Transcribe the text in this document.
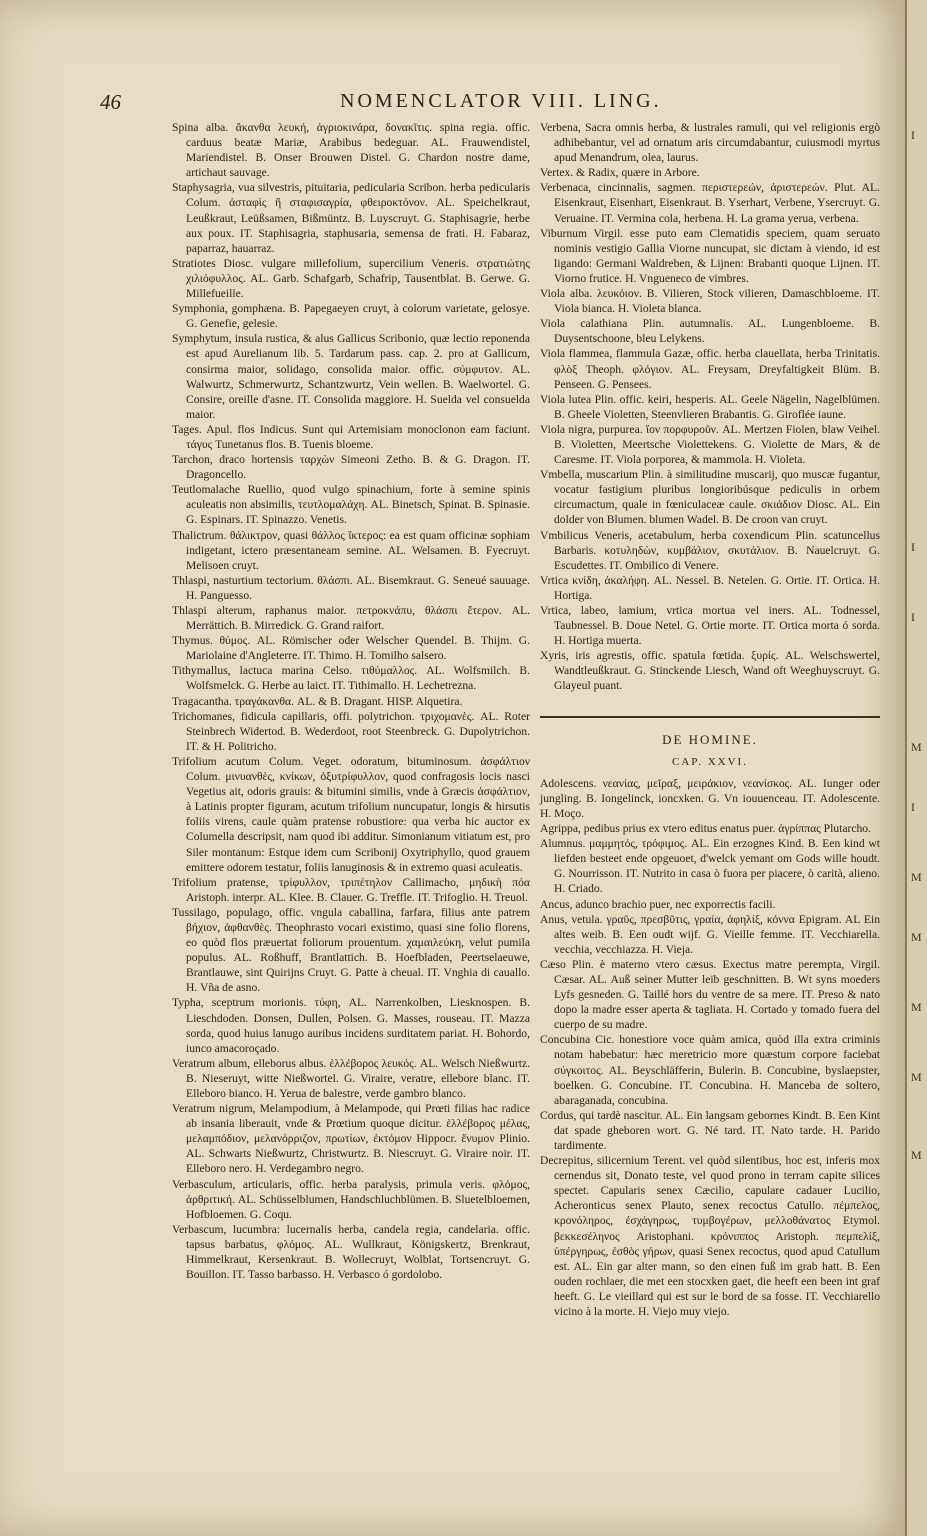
46	NOMENCLATOR VIII. LING.

Spina alba. ἄκανθα λευκή, ἀγριοκινάρα, δονακῖτις. spina regia. offic. carduus beatæ Mariæ, Arabibus bedeguar. AL. Frauwendistel, Mariendistel. B. Onser Brouwen Distel. G. Chardon nostre dame, artichaut sauvage.

Staphysagria, vua silvestris, pituitaria, pedicularia Scribon. herba pedicularis Colum. ἀσταφὶς ἢ σταφισαγρία, φθειροκτόνον. AL. Speichelkraut, Leußkraut, Leüßsamen, Bißmüntz. B. Luyscruyt. G. Staphisagrie, herbe aux poux. IT. Staphisagria, staphusaria, semensa de frati. H. Fabaraz, paparraz, hauarraz.

Stratiotes Diosc. vulgare millefolium, supercilium Veneris. στρατιώτης χιλιόφυλλος. AL. Garb. Schafgarb, Schafrip, Tausentblat. B. Gerwe. G. Millefueille.

Symphonia, gomphæna. B. Papegaeyen cruyt, à colorum varietate, gelosye. G. Genefie, gelesie.

Symphytum, insula rustica, & alus Gallicus Scribonio, quæ lectio reponenda est apud Aurelianum lib. 5. Tardarum pass. cap. 2. pro at Gallicum, consirma maior, solidago, consolida maior. offic. σύμφυτον. AL. Walwurtz, Schmerwurtz, Schantzwurtz, Vein wellen. B. Waelwortel. G. Consire, oreille d'asne. IT. Consolida maggiore. H. Suelda vel consuelda maior.

Tages. Apul. flos Indicus. Sunt qui Artemisiam monoclonon eam faciunt. τάγυς Tunetanus flos. B. Tuenis bloeme.

Tarchon, draco hortensis ταρχὼν Simeoni Zetho. B. & G. Dragon. IT. Dragoncello.

Teutlomalache Ruellio, quod vulgo spinachium, forte à semine spinis aculeatis non absimilis, τευτλομαλάχη. AL. Binetsch, Spinat. B. Spinasie. G. Espinars. IT. Spinazzo. Venetis.

Thalictrum. θάλικτρον, quasi θάλλος ἴκτερος: ea est quam officinæ sophiam indigetant, ictero præsentaneam semine. AL. Welsamen. B. Fyecruyt. Melisoen cruyt.

Thlaspi, nasturtium tectorium. θλάσπι. AL. Bisemkraut. G. Seneué sauuage. H. Panguesso.

Thlaspi alterum, raphanus maior. πετροκνάπυ, θλάσπι ἕτερον. AL. Merrättich. B. Mirredick. G. Grand raifort.

Thymus. θύμος. AL. Römischer oder Welscher Quendel. B. Thijm. G. Mariolaine d'Angleterre. IT. Thimo. H. Tomilho salsero.

Tithymallus, lactuca marina Celso. τιθύμαλλος. AL. Wolfsmilch. B. Wolfsmelck. G. Herbe au laict. IT. Tithimallo. H. Lechetrezna.

Tragacantha. τραγάκανθα. AL. & B. Dragant. HISP. Alquetira.

Trichomanes, fidicula capillaris, offi. polytrichon. τριχομανὲς. AL. Roter Steinbrech Widertod. B. Wederdoot, root Steenbreck. G. Dupolytrichon. IT. & H. Politricho.

Trifolium acutum Colum. Veget. odoratum, bituminosum. ἀσφάλτιον Colum. μινυανθὲς, κνίκων, ὀξυτρίφυλλον, quod confragosis locis nasci Vegetius ait, odoris grauis: & bitumini similis, vnde à Græcis ἀσφάλτιον, à Latinis propter figuram, acutum trifolium nuncupatur, longis & hirsutis foliis virens, caule quàm pratense robustiore: qua verba hic auctor ex Columella descripsit, nam quod ibi additur. Simonianum vitiatum est, pro Siler montanum: Estque idem cum Scribonij Oxytriphyllo, quod grauem emittere odorem testatur, foliis lanuginosis & in extremo quasi aculeatis.

Trifolium pratense, τρίφυλλον, τριπέτηλον Callimacho, μηδικὴ πόα Aristoph. interpr. AL. Klee. B. Clauer. G. Treffle. IT. Trifoglio. H. Treuol.

Tussilago, populago, offic. vngula caballina, farfara, filius ante patrem βήχιον, ἀφθανθὲς. Theophrasto vocari existimo, quasi sine folio florens, eo quòd flos præuertat foliorum prouentum. χαμαιλεύκη, velut pumila populus. AL. Roßhuff, Brantlattich. B. Hoefbladen, Peertselaeuwe, Brantlauwe, sint Quirijns Cruyt. G. Patte à cheual. IT. Vnghia di cauallo. H. Vña de asno.

Typha, sceptrum morionis. τύφη, AL. Narrenkolben, Liesknospen. B. Lieschdoden. Donsen, Dullen, Polsen. G. Masses, rouseau. IT. Mazza sorda, quod huius lanugo auribus incidens surditatem pariat. H. Bohordo, iunco amacoroçado.

Veratrum album, elleborus albus. ἑλλέβορος λευκός. AL. Welsch Nießwurtz. B. Nieseruyt, witte Nießwortel. G. Viraire, veratre, ellebore blanc. IT. Elleboro bianco. H. Yerua de balestre, verde gambro blanco.

Veratrum nigrum, Melampodium, à Melampode, qui Prœti filias hac radice ab insania liberauit, vnde & Prœtium quoque dicitur. ἑλλέβορος μέλας, μελαμπόδιον, μελανόρριζον, πρωτίων, ἐκτόμον Hippocr. ἔνυμον Plinio. AL. Schwarts Nießwurtz, Christwurtz. B. Niescruyt. G. Viraire noir. IT. Elleboro nero. H. Verdegambro negro.

Verbasculum, articularis, offic. herba paralysis, primula veris. φλόμος, ἀρθριτική. AL. Schüsselblumen, Handschluchblümen. B. Sluetelbloemen, Hofbloemen. G. Coqu.

Verbascum, lucumbra: lucernalis herba, candela regia, candelaria. offic. tapsus barbatus, φλόμος. AL. Wullkraut, Königskertz, Brenkraut, Himmelkraut, Kersenkraut. B. Wollecruyt, Wolblat, Tortsencruyt. G. Bouillon. IT. Tasso barbasso. H. Verbasco ó gordolobo.

Verbena, Sacra omnis herba, & lustrales ramuli, qui vel religionis ergò adhibebantur, vel ad ornatum aris circumdabantur, cuiusmodi myrtus apud Menandrum, olea, laurus.

Vertex. & Radix, quære in Arbore.

Verbenaca, cincinnalis, sagmen. περιστερεών, ἀριστερεών. Plut. AL. Eisenkraut, Eisenhart, Eisenkraut. B. Yserhart, Verbene, Ysercruyt. G. Veruaine. IT. Vermina cola, herbena. H. La grama yerua, verbena.

Viburnum Virgil. esse puto eam Clematidis speciem, quam seruato nominis vestigio Gallia Viorne nuncupat, sic dictam à viendo, id est ligando: Germani Waldreben, & Lijnen: Brabanti quoque Lijnen. IT. Viorno frutice. H. Vngueneco de vimbres.

Viola alba. λευκόιον. B. Vilieren, Stock vilieren, Damaschbloeme. IT. Viola bianca. H. Violeta blanca.

Viola calathiana Plin. autumnalis. AL. Lungenbloeme. B. Duysentschoone, bleu Lelykens.

Viola flammea, flammula Gazæ, offic. herba clauellata, herba Trinitatis. φλὸξ Theoph. φλόγιον. AL. Freysam, Dreyfaltigkeit Blüm. B. Penseen. G. Pensees.

Viola lutea Plin. offic. keiri, hesperis. AL. Geele Nägelin, Nagelblümen. B. Gheele Violetten, Steenvlieren Brabantis. G. Giroflée iaune.

Viola nigra, purpurea. ἴον πορφυροῦν. AL. Mertzen Fiolen, blaw Veihel. B. Violetten, Meertsche Violettekens. G. Violette de Mars, & de Caresme. IT. Viola porporea, & mammola. H. Violeta.

Vmbella, muscarium Plin. à similitudine muscarij, quo muscæ fugantur, vocatur fastigium pluribus longioribúsque pediculis in orbem circumactum, quale in fœniculaceæ caule. σκιάδιον Diosc. AL. Ein dolder von Blumen. blumen Wadel. B. De croon van cruyt.

Vmbilicus Veneris, acetabulum, herba coxendicum Plin. scatuncellus Barbaris. κοτυληδὼν, κυμβάλιον, σκυτάλιον. B. Nauelcruyt. G. Escudettes. IT. Ombilico di Venere.

Vrtica κνίδη, ἀκαλήφη. AL. Nessel. B. Netelen. G. Ortie. IT. Ortica. H. Hortiga.

Vrtica, labeo, lamium, vrtica mortua vel iners. AL. Todnessel, Taubnessel. B. Doue Netel. G. Ortie morte. IT. Ortica morta ó sorda. H. Hortiga muerta.

Xyris, iris agrestis, offic. spatula fœtida. ξυρίς. AL. Welschswertel, Wandtleußkraut. G. Stinckende Liesch, Wand oft Weeghuyscruyt. G. Glayeul puant.

DE HOMINE.

CAP. XXVI.

Adolescens. νεανίας, μεῖραξ, μειράκιον, νεανίσκος. AL. Iunger oder jungling. B. Iongelinck, ioncxken. G. Vn iouuenceau. IT. Adolescente. H. Moço.

Agrippa, pedibus prius ex vtero editus enatus puer. ἀγρίππας Plutarcho.

Alumnus. μαμμητός, τρόφιμος. AL. Ein erzognes Kind. B. Een kind wt liefden besteet ende opgeuoet, d'welck yemant om Gods wille houdt. G. Nourrisson. IT. Nutrito in casa ò fuora per piacere, ò carità, alieno. H. Criado.

Ancus, adunco brachio puer, nec exporrectis facili.

Anus, vetula. γραῦς, πρεσβῦτις, γραία, ἀφηλίξ, κόννα Epigram. AL Ein altes weib. B. Een oudt wijf. G. Vieille femme. IT. Vecchiarella. vecchia, vecchiazza. H. Vieja.

Cæso Plin. è materno vtero cæsus. Exectus matre perempta, Virgil. Cæsar. AL. Auß seiner Mutter leib geschnitten. B. Wt syns moeders Lyfs gesneden. G. Taillé hors du ventre de sa mere. IT. Preso & nato dopo la madre esser aperta & tagliata. H. Cortado y tomado fuera del cuerpo de su madre.

Concubina Cic. honestiore voce quàm amica, quòd illa extra criminis notam habebatur: hæc meretricio more quæstum corpore faciebat σύγκοιτος. AL. Beyschläfferin, Bulerin. B. Concubine, byslaepster, boelken. G. Concubine. IT. Concubina. H. Manceba de soltero, abaraganada, concubina.

Cordus, qui tardè nascitur. AL. Ein langsam gebornes Kindt. B. Een Kint dat spade gheboren wort. G. Né tard. IT. Nato tarde. H. Parido tardimente.

Decrepitus, silicernium Terent. vel quòd silentibus, hoc est, inferis mox cernendus sit, Donato teste, vel quod prono in terram capite silices spectet. Capularis senex Cæcilio, capulare cadauer Lucilio, Acheronticus senex Plauto, senex recoctus Catullo. πέμπελος, κρονόληρος, ἐσχάγηρως, τυμβογέρων, μελλοθάνατος Etymol. βεκκεσέληνος Aristophani. κρόνιππος Aristoph. πεμπελίξ, ὑπέργηρως, ἐσθὸς γήρων, quasi Senex recoctus, quod apud Catullum est. AL. Ein gar alter mann, so den einen fuß im grab hatt. B. Een ouden rochlaer, die met een stocxken gaet, die heeft een been int graf heeft. G. Le vieillard qui est sur le bord de sa fosse. IT. Vecchiarello vicino à la morte. H. Viejo muy viejo.

I
I
I
M
I
M
M
M
M
M
